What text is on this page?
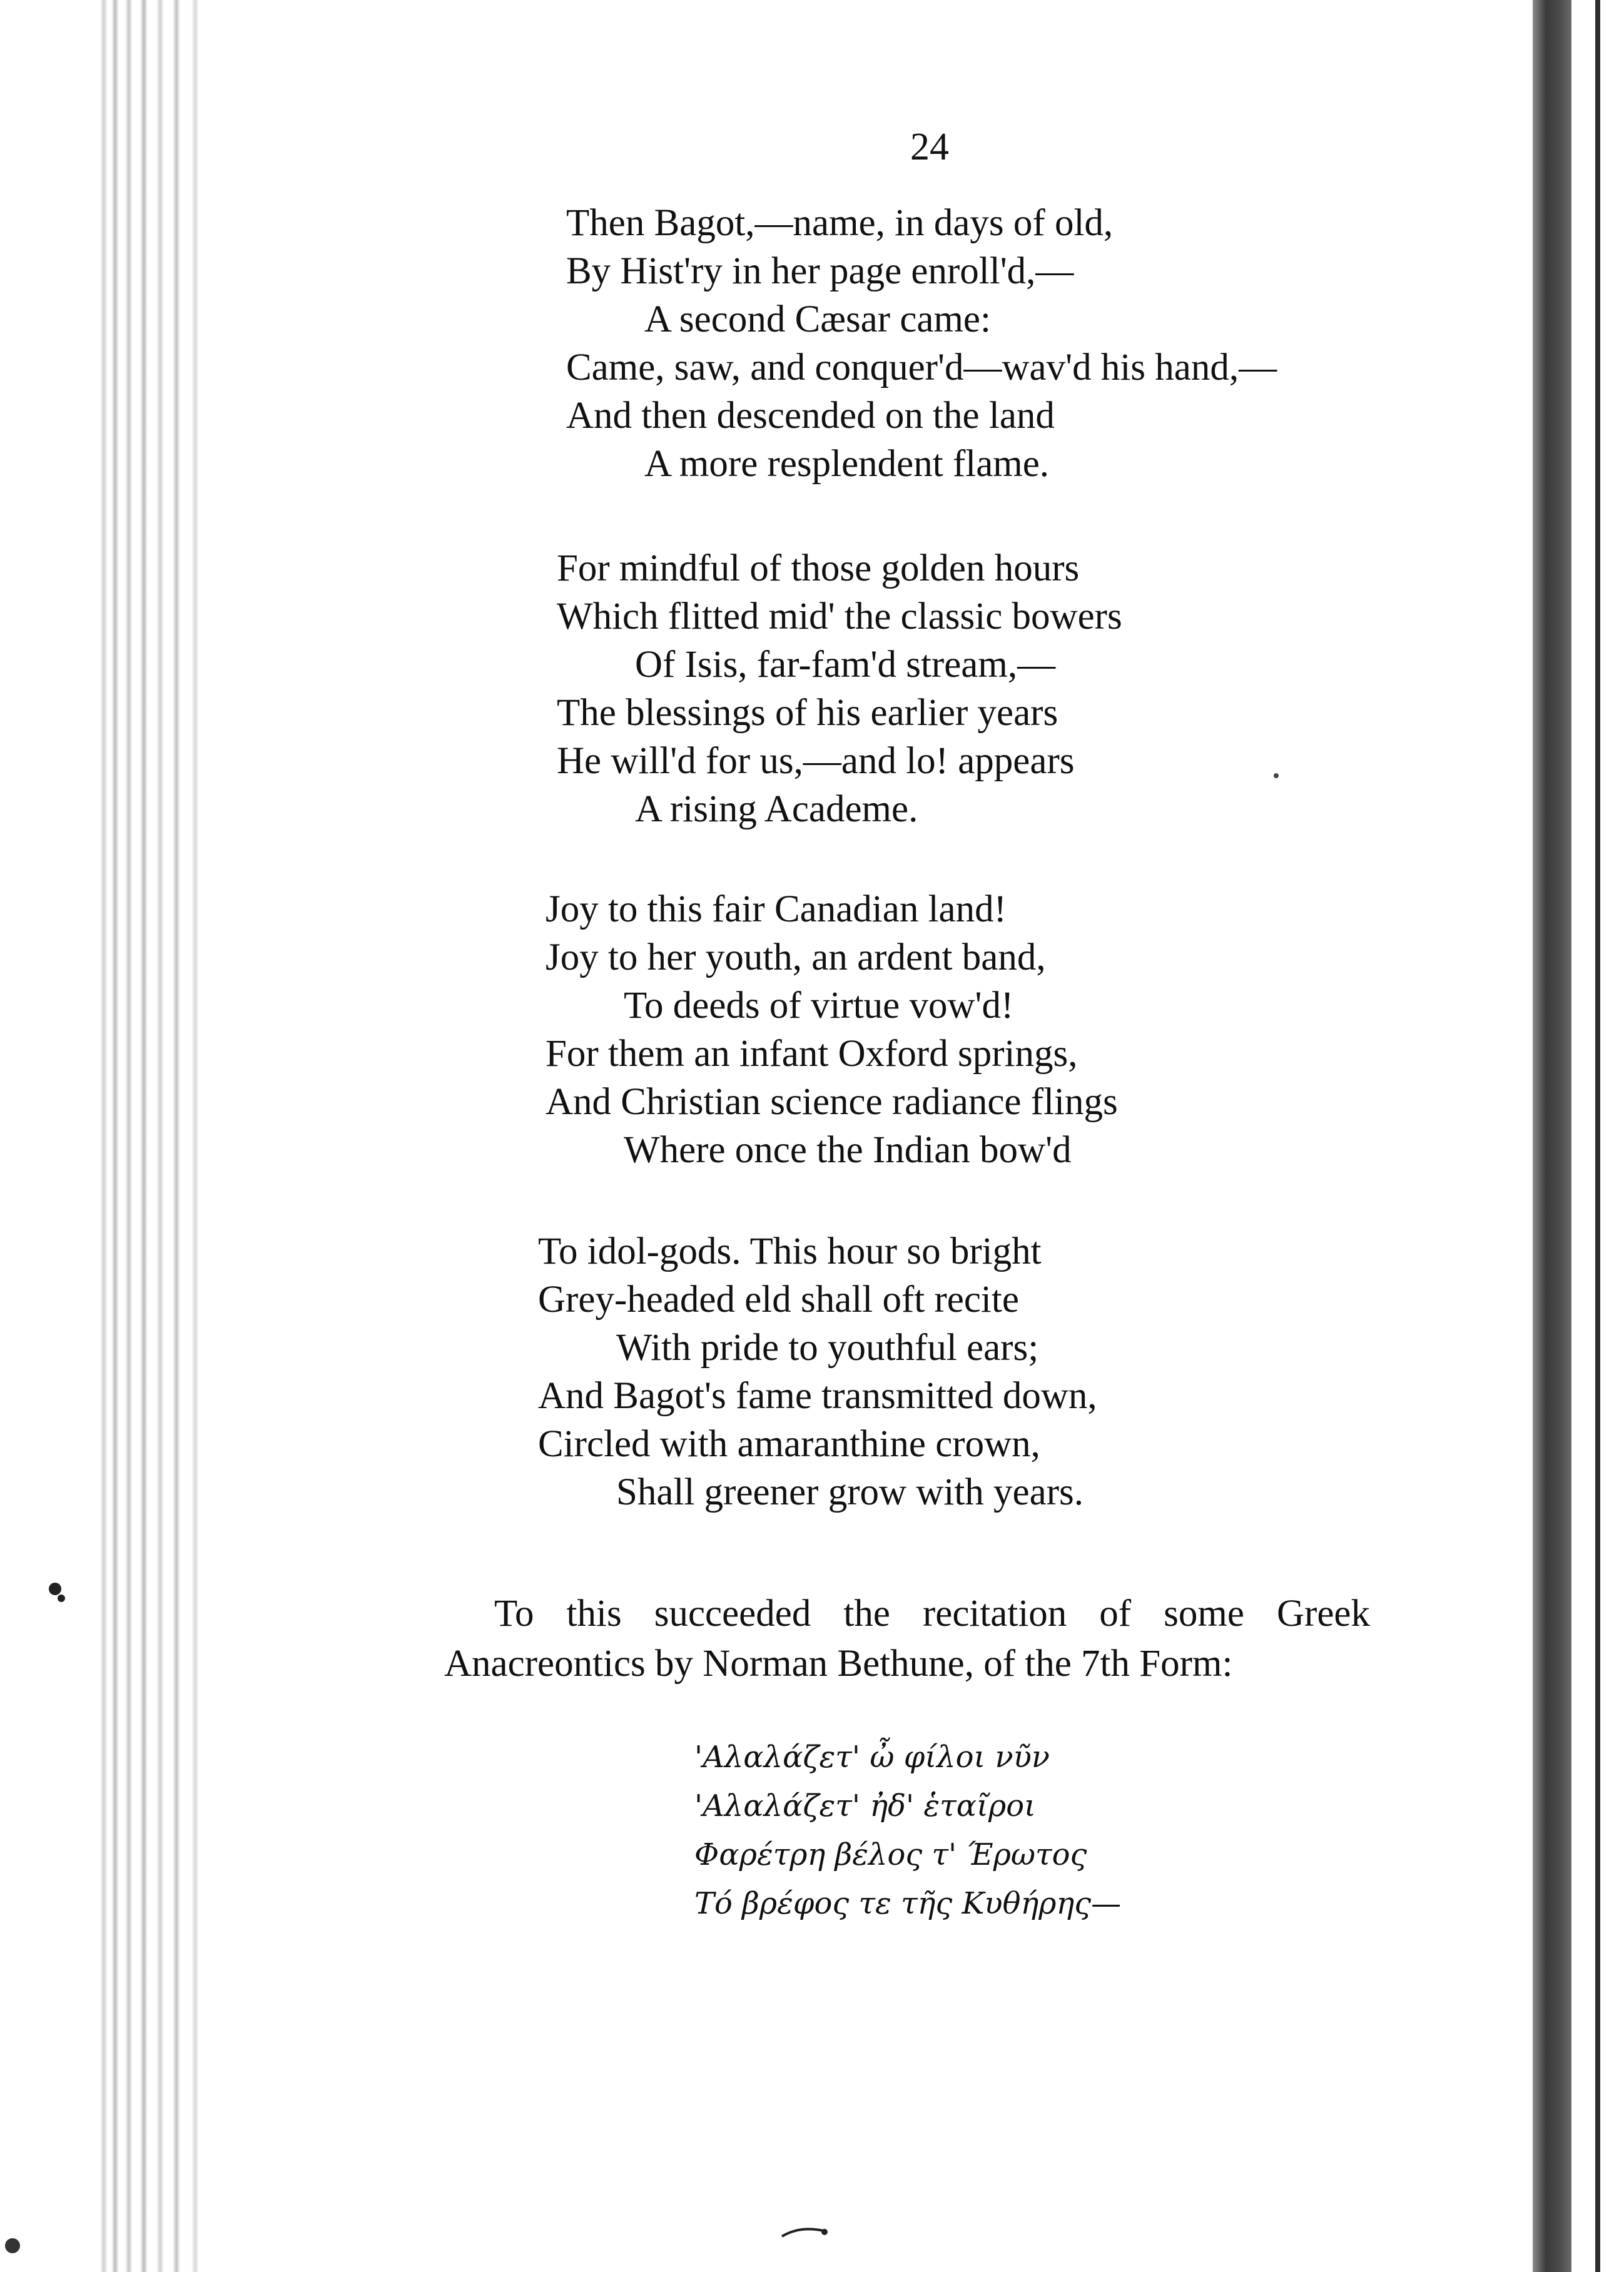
24
Then Bagot,—name, in days of old,
By Hist'ry in her page enroll'd,—
A second Cæsar came:
Came, saw, and conquer'd—wav'd his hand,—
And then descended on the land
A more resplendent flame.
For mindful of those golden hours
Which flitted mid' the classic bowers
Of Isis, far-fam'd stream,—
The blessings of his earlier years
He will'd for us,—and lo! appears
A rising Academe.
Joy to this fair Canadian land!
Joy to her youth, an ardent band,
To deeds of virtue vow'd!
For them an infant Oxford springs,
And Christian science radiance flings
Where once the Indian bow'd
To idol-gods. This hour so bright
Grey-headed eld shall oft recite
With pride to youthful ears;
And Bagot's fame transmitted down,
Circled with amaranthine crown,
Shall greener grow with years.
To this succeeded the recitation of some Greek
Anacreontics by Norman Bethune, of the 7th Form:
'Αλαλάζετ' ὦ φίλοι νῦν
'Αλαλάζετ' ἠδ' ἑταῖροι
Φαρέτρη βέλος τ' Έρωτος
Τό βρέφος τε τῆς Κυθήρης—
